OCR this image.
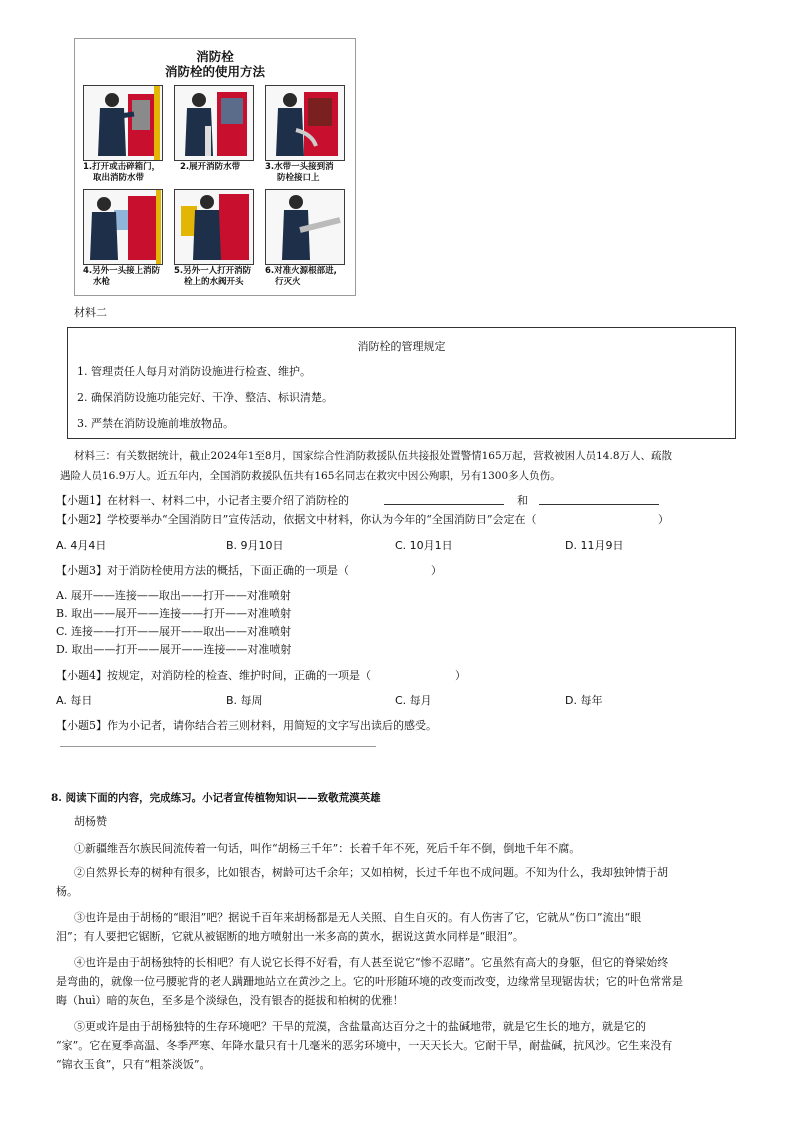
消防栓
消防栓的使用方法
1.打开或击碎箱门，
取出消防水带
2.展开消防水带	3.水带一头接到消
防栓接口上
4.另外一头接上消防
水枪
5.另外一人打开消防
栓上的水阀开头
6.对准火源根部进,
行灭火
材料二
消防栓的管理规定
1. 管理责任人每月对消防设施进行检查、维护。
2. 确保消防设施功能完好、干净、整洁、标识清楚。
3. 严禁在消防设施前堆放物品。
材料三：有关数据统计，截止2024年1至8月，国家综合性消防救援队伍共接报处置警情165万起，营救被困人员14.8万人、疏散
遇险人员16.9万人。近五年内，全国消防救援队伍共有165名同志在救灾中因公殉职，另有1300多人负伤。
【小题1】在材料一、材料二中，小记者主要介绍了消防栓的	和
【小题2】学校要举办“全国消防日”宣传活动，依据文中材料，你认为今年的“全国消防日”会定在（	）
A. 4月4日	B. 9月10日	C. 10月1日	D. 11月9日
【小题3】对于消防栓使用方法的概括，下面正确的一项是（	）
A. 展开——连接——取出——打开——对准喷射
B. 取出——展开——连接——打开——对准喷射
C. 连接——打开——展开——取出——对准喷射
D. 取出——打开——展开——连接——对准喷射
【小题4】按规定，对消防栓的检查、维护时间，正确的一项是（	）
A. 每日	B. 每周	C. 每月	D. 每年
【小题5】作为小记者，请你结合若三则材料，用简短的文字写出读后的感受。
8. 阅读下面的内容，完成练习。小记者宣传植物知识——致敬荒漠英雄
胡杨赞
①新疆维吾尔族民间流传着一句话，叫作“胡杨三千年”：长着千年不死，死后千年不倒，倒地千年不腐。
②自然界长寿的树种有很多，比如银杏，树龄可达千余年；又如柏树，长过千年也不成问题。不知为什么，我却独钟情于胡
杨。
③也许是由于胡杨的“眼泪”吧？据说千百年来胡杨都是无人关照、自生自灭的。有人伤害了它，它就从“伤口”流出“眼
泪”；有人要把它锯断，它就从被锯断的地方喷射出一米多高的黄水，据说这黄水同样是“眼泪”。
④也许是由于胡杨独特的长相吧？有人说它长得不好看，有人甚至说它“惨不忍睹”。它虽然有高大的身躯，但它的脊梁始终
是弯曲的，就像一位弓腰驼背的老人蹒跚地站立在黄沙之上。它的叶形随环境的改变而改变，边缘常呈现锯齿状；它的叶色常常是
晦（huì）暗的灰色，至多是个淡绿色，没有银杏的挺拔和柏树的优雅！
⑤更或许是由于胡杨独特的生存环境吧？干旱的荒漠，含盐量高达百分之十的盐碱地带，就是它生长的地方，就是它的
“家”。它在夏季高温、冬季严寒、年降水量只有十几毫米的恶劣环境中，一天天长大。它耐干旱，耐盐碱，抗风沙。它生来没有
“锦衣玉食”，只有“粗茶淡饭”。
